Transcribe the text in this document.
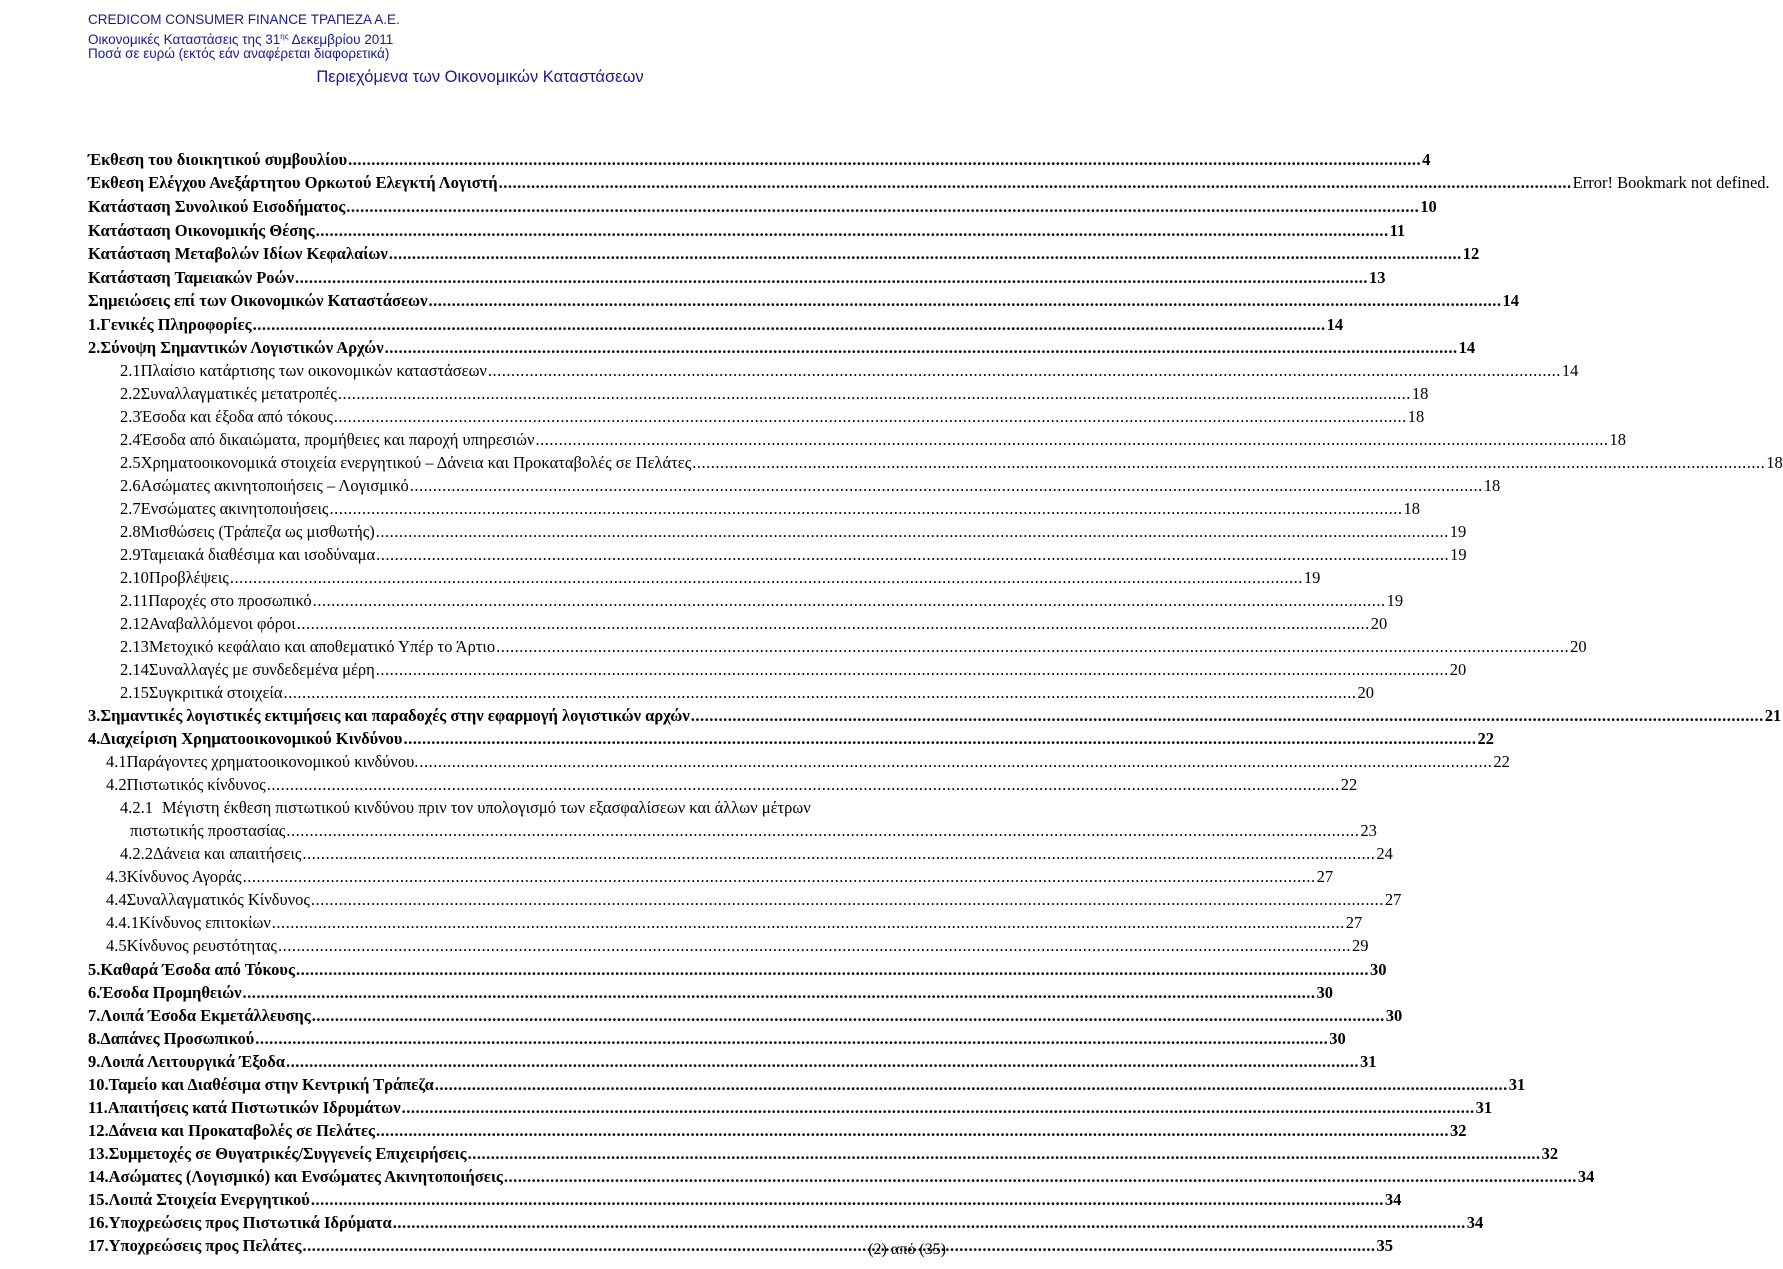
CREDICOM CONSUMER FINANCE ΤΡΑΠΕΖΑ Α.Ε.
Οικονομικές Καταστάσεις της $31^{\eta\varsigma}$ Δεκεμβρίου 2011
Ποσά σε ευρώ (εκτός εάν αναφέρεται διαφορετικά)
Περιεχόμενα των Οικονομικών Καταστάσεων
Έκθεση του διοικητικού συμβουλίου .....	4
Έκθεση Ελέγχου Ανεξάρτητου Ορκωτού Ελεγκτή Λογιστή .....	Error! Bookmark not defined.
Κατάσταση Συνολικού Εισοδήματος .....	10
Κατάσταση Οικονομικής Θέσης .....	11
Κατάσταση Μεταβολών Ιδίων Κεφαλαίων .....	12
Κατάσταση Ταμειακών Ροών .....	13
Σημειώσεις επί των Οικονομικών Καταστάσεων .....	14
1. Γενικές Πληροφορίες .....	14
2. Σύνοψη Σημαντικών Λογιστικών Αρχών .....	14
2.1 Πλαίσιο κατάρτισης των οικονομικών καταστάσεων .....	14
2.2 Συναλλαγματικές μετατροπές .....	18
2.3 Έσοδα και έξοδα από τόκους .....	18
2.4 Έσοδα από δικαιώματα, προμήθειες και παροχή υπηρεσιών .....	18
2.5 Χρηματοοικονομικά στοιχεία ενεργητικού – Δάνεια και Προκαταβολές σε Πελάτες .....	18
2.6 Ασώματες ακινητοποιήσεις – Λογισμικό .....	18
2.7 Ενσώματες ακινητοποιήσεις .....	18
2.8 Μισθώσεις (Τράπεζα ως μισθωτής) .....	19
2.9 Ταμειακά διαθέσιμα και ισοδύναμα .....	19
2.10 Προβλέψεις .....	19
2.11 Παροχές στο προσωπικό .....	19
2.12 Αναβαλλόμενοι φόροι .....	20
2.13 Μετοχικό κεφάλαιο και αποθεματικό Υπέρ το Άρτιο .....	20
2.14 Συναλλαγές με συνδεδεμένα μέρη .....	20
2.15 Συγκριτικά στοιχεία .....	20
3. Σημαντικές λογιστικές εκτιμήσεις και παραδοχές στην εφαρμογή λογιστικών αρχών .....	21
4. Διαχείριση Χρηματοοικονομικού Κινδύνου .....	22
4.1 Παράγοντες χρηματοοικονομικού κινδύνου. .....	22
4.2 Πιστωτικός κίνδυνος .....	22
4.2.1 Μέγιστη έκθεση πιστωτικού κινδύνου πριν τον υπολογισμό των εξασφαλίσεων και άλλων μέτρων
πιστωτικής προστασίας .....	23
4.2.2 Δάνεια και απαιτήσεις .....	24
4.3 Κίνδυνος Αγοράς .....	27
4.4 Συναλλαγματικός Κίνδυνος .....	27
4.4.1 Κίνδυνος επιτοκίων .....	27
4.5 Κίνδυνος ρευστότητας .....	29
5. Καθαρά Έσοδα από Τόκους .....	30
6. Έσοδα Προμηθειών .....	30
7. Λοιπά Έσοδα Εκμετάλλευσης .....	30
8. Δαπάνες Προσωπικού .....	30
9. Λοιπά Λειτουργικά Έξοδα .....	31
10. Ταμείο και Διαθέσιμα στην Κεντρική Τράπεζα .....	31
11. Απαιτήσεις κατά Πιστωτικών Ιδρυμάτων .....	31
12. Δάνεια και Προκαταβολές σε Πελάτες .....	32
13. Συμμετοχές σε Θυγατρικές/Συγγενείς Επιχειρήσεις .....	32
14. Ασώματες (Λογισμικό) και Ενσώματες Ακινητοποιήσεις .....	34
15. Λοιπά Στοιχεία Ενεργητικού .....	34
16. Υποχρεώσεις προς Πιστωτικά Ιδρύματα .....	34
17. Υποχρεώσεις προς Πελάτες .....	35
(2) από (35)
